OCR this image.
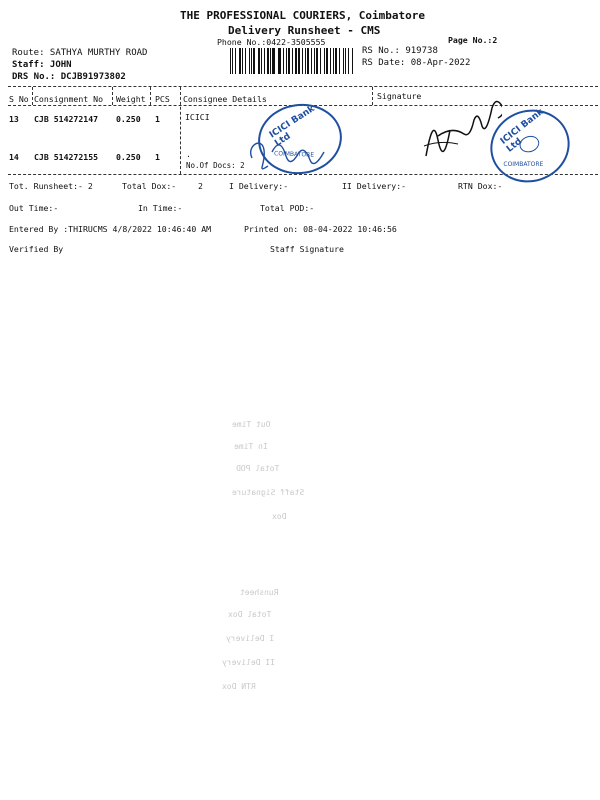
THE PROFESSIONAL COURIERS, Coimbatore
Delivery Runsheet - CMS
Phone No.:0422-3505555	Page No.:2
Route: SATHYA MURTHY ROAD
Staff: JOHN
DRS No.: DCJB91973802
RS No.: 919738
RS Date: 08-Apr-2022
S No Consignment No Weight PCS Consignee Details	Signature
13 CJB 514272147 0.250 1	ICICI
14 CJB 514272155 0.250 1	.
No.Of Docs: 2
ICICI Bank Ltd
COIMBATORE
ICICI Bank Ltd
COIMBATORE
Tot. Runsheet:- 2	Total Dox:-	2	I Delivery:-	II Delivery:-	RTN Dox:-
Out Time:-	In Time:-	Total POD:-
Entered By :THIRUCMS 4/8/2022 10:46:40 AM	Printed on: 08-04-2022 10:46:56
Verified By	Staff Signature
Out Time
In Time
Total POD
Staff Signature
Dox
Runsheet
Total Dox
I Delivery
II Delivery
RTN Dox
